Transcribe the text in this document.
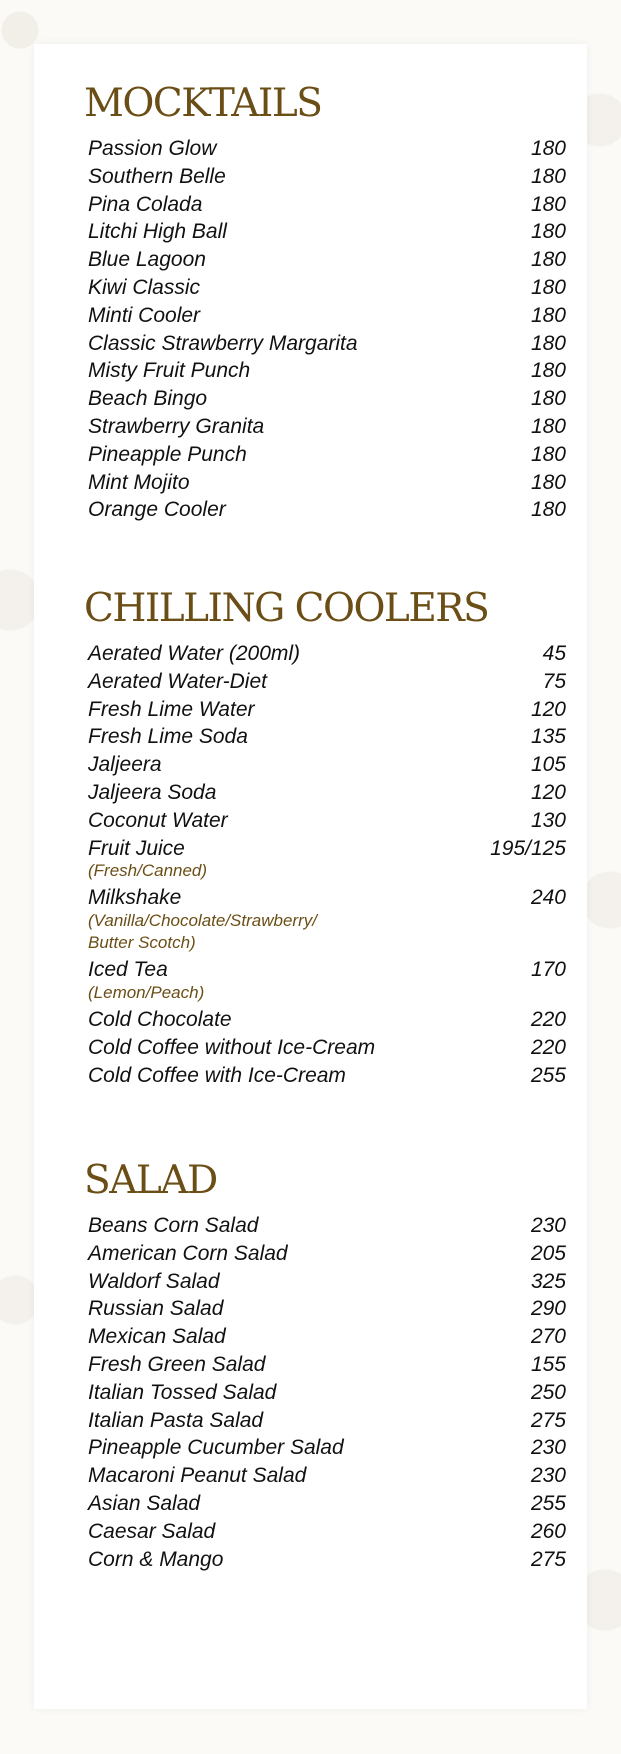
MOCKTAILS
Passion Glow	180
Southern Belle	180
Pina Colada	180
Litchi High Ball	180
Blue Lagoon	180
Kiwi Classic	180
Minti Cooler	180
Classic Strawberry Margarita	180
Misty Fruit Punch	180
Beach Bingo	180
Strawberry Granita	180
Pineapple Punch	180
Mint Mojito	180
Orange Cooler	180
CHILLING COOLERS
Aerated Water (200ml)	45
Aerated Water-Diet	75
Fresh Lime Water	120
Fresh Lime Soda	135
Jaljeera	105
Jaljeera Soda	120
Coconut Water	130
Fruit Juice	195/125
(Fresh/Canned)
Milkshake	240
(Vanilla/Chocolate/Strawberry/
Butter Scotch)
Iced Tea	170
(Lemon/Peach)
Cold Chocolate	220
Cold Coffee without Ice-Cream	220
Cold Coffee with Ice-Cream	255
SALAD
Beans Corn Salad	230
American Corn Salad	205
Waldorf Salad	325
Russian Salad	290
Mexican Salad	270
Fresh Green Salad	155
Italian Tossed Salad	250
Italian Pasta Salad	275
Pineapple Cucumber Salad	230
Macaroni Peanut Salad	230
Asian Salad	255
Caesar Salad	260
Corn & Mango	275
